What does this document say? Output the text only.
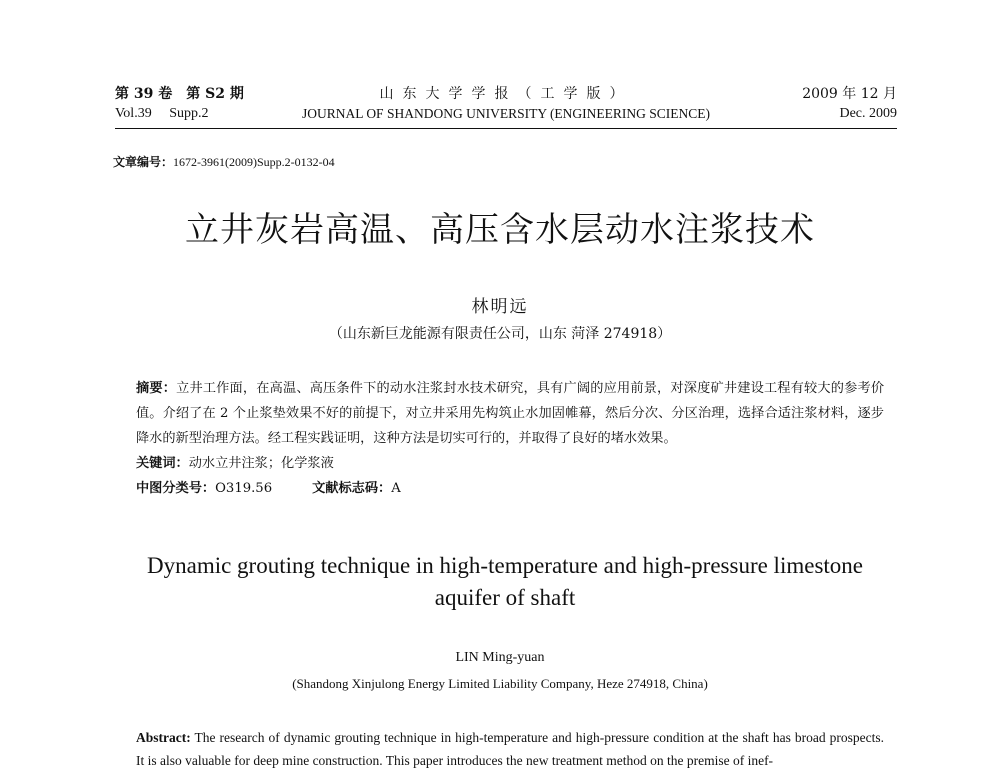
第 39 卷　第 S2 期
Vol.39　 Supp.2
山东大学学报（工学版）
JOURNAL OF SHANDONG UNIVERSITY (ENGINEERING SCIENCE)
2009 年 12 月
Dec. 2009
文章编号：1672-3961(2009)Supp.2-0132-04
立井灰岩高温、高压含水层动水注浆技术
林明远
（山东新巨龙能源有限责任公司，山东 菏泽 274918）
摘要：立井工作面，在高温、高压条件下的动水注浆封水技术研究，具有广阔的应用前景，对深度矿井建设工程有较大的参考价值。介绍了在 2 个止浆垫效果不好的前提下，对立井采用先构筑止水加固帷幕，然后分次、分区治理，选择合适注浆材料，逐步降水的新型治理方法。经工程实践证明，这种方法是切实可行的，并取得了良好的堵水效果。
关键词：动水立井注浆；化学浆液
中图分类号：O319.56	文献标志码：A
Dynamic grouting technique in high-temperature and high-pressure limestone aquifer of shaft
LIN Ming-yuan
(Shandong Xinjulong Energy Limited Liability Company, Heze 274918, China)
Abstract: The research of dynamic grouting technique in high-temperature and high-pressure condition at the shaft has broad prospects. It is also valuable for deep mine construction. This paper introduces the new treatment method on the premise of inef-
